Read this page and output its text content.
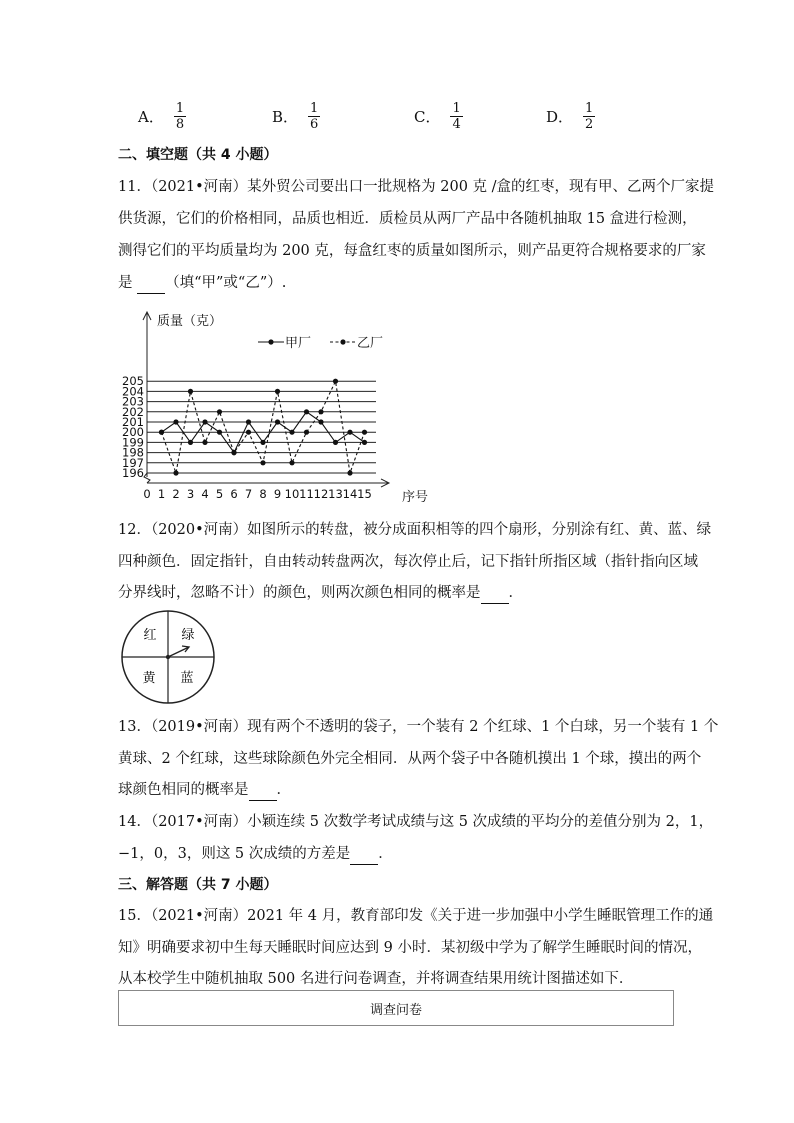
A． $\frac{1}{8}$	B． $\frac{1}{6}$	C． $\frac{1}{4}$	D． $\frac{1}{2}$
二、填空题（共 4 小题）
11．（2021•河南）某外贸公司要出口一批规格为 200 克 /盒的红枣，现有甲、乙两个厂家提
供货源，它们的价格相同，品质也相近．质检员从两厂产品中各随机抽取 15 盒进行检测，
测得它们的平均质量均为 200 克，每盒红枣的质量如图所示，则产品更符合规格要求的厂家
是  （填“甲”或“乙”）.
196
197
198
199
200
201
202
203
204
205
0 1 2 3 4 5 6 7 8 9 10 11 12 13 14 15
质量（克）
序号
甲厂	乙厂
12．（2020•河南）如图所示的转盘，被分成面积相等的四个扇形，分别涂有红、黄、蓝、绿
四种颜色．固定指针，自由转动转盘两次，每次停止后，记下指针所指区域（指针指向区域
分界线时，忽略不计）的颜色，则两次颜色相同的概率是 ．
红 绿
黄 蓝
13．（2019•河南）现有两个不透明的袋子，一个装有 2 个红球、1 个白球，另一个装有 1 个
黄球、2 个红球，这些球除颜色外完全相同．从两个袋子中各随机摸出 1 个球，摸出的两个
球颜色相同的概率是 ．
14．（2017•河南）小颖连续 5 次数学考试成绩与这 5 次成绩的平均分的差值分别为 2，1，
−1，0，3，则这 5 次成绩的方差是 ．
三、解答题（共 7 小题）
15．（2021•河南）2021 年 4 月，教育部印发《关于进一步加强中小学生睡眠管理工作的通
知》明确要求初中生每天睡眠时间应达到 9 小时．某初级中学为了解学生睡眠时间的情况，
从本校学生中随机抽取 500 名进行问卷调查，并将调查结果用统计图描述如下．
调查问卷
